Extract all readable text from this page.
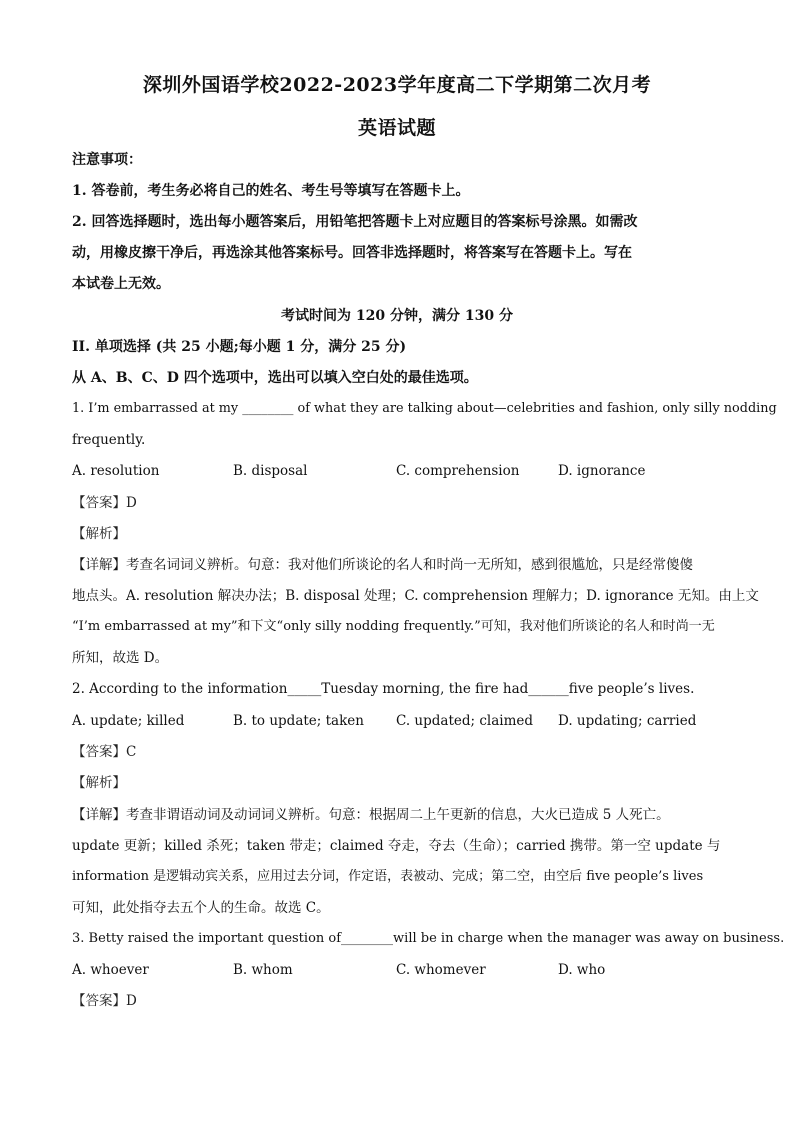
深圳外国语学校2022-2023学年度高二下学期第二次月考
英语试题
注意事项：
1. 答卷前，考生务必将自己的姓名、考生号等填写在答题卡上。
2. 回答选择题时，选出每小题答案后，用铅笔把答题卡上对应题目的答案标号涂黑。如需改
动，用橡皮擦干净后，再选涂其他答案标号。回答非选择题时，将答案写在答题卡上。写在
本试卷上无效。
考试时间为 120 分钟，满分 130 分
II. 单项选择 (共 25 小题;每小题 1 分，满分 25 分)
从 A、B、C、D 四个选项中，选出可以填入空白处的最佳选项。
1. I’m embarrassed at my ________ of what they are talking about—celebrities and fashion, only silly nodding
frequently.
A. resolution	B. disposal	C. comprehension	D. ignorance
【答案】D
【解析】
【详解】考查名词词义辨析。句意：我对他们所谈论的名人和时尚一无所知，感到很尴尬，只是经常傻傻
地点头。A. resolution 解决办法；B. disposal 处理；C. comprehension 理解力；D. ignorance 无知。由上文
“I’m embarrassed at my”和下文“only silly nodding frequently.”可知，我对他们所谈论的名人和时尚一无
所知，故选 D。
2. According to the information_____Tuesday morning, the fire had______five people’s lives.
A. update; killed	B. to update; taken C. updated; claimed D. updating; carried
【答案】C
【解析】
【详解】考查非谓语动词及动词词义辨析。句意：根据周二上午更新的信息，大火已造成 5 人死亡。
update 更新；killed 杀死；taken 带走；claimed 夺走，夺去（生命）；carried 携带。第一空 update 与
information 是逻辑动宾关系，应用过去分词，作定语，表被动、完成；第二空，由空后 five people’s lives
可知，此处指夺去五个人的生命。故选 C。
3. Betty raised the important question of________will be in charge when the manager was away on business.
A. whoever	B. whom	C. whomever	D. who
【答案】D
